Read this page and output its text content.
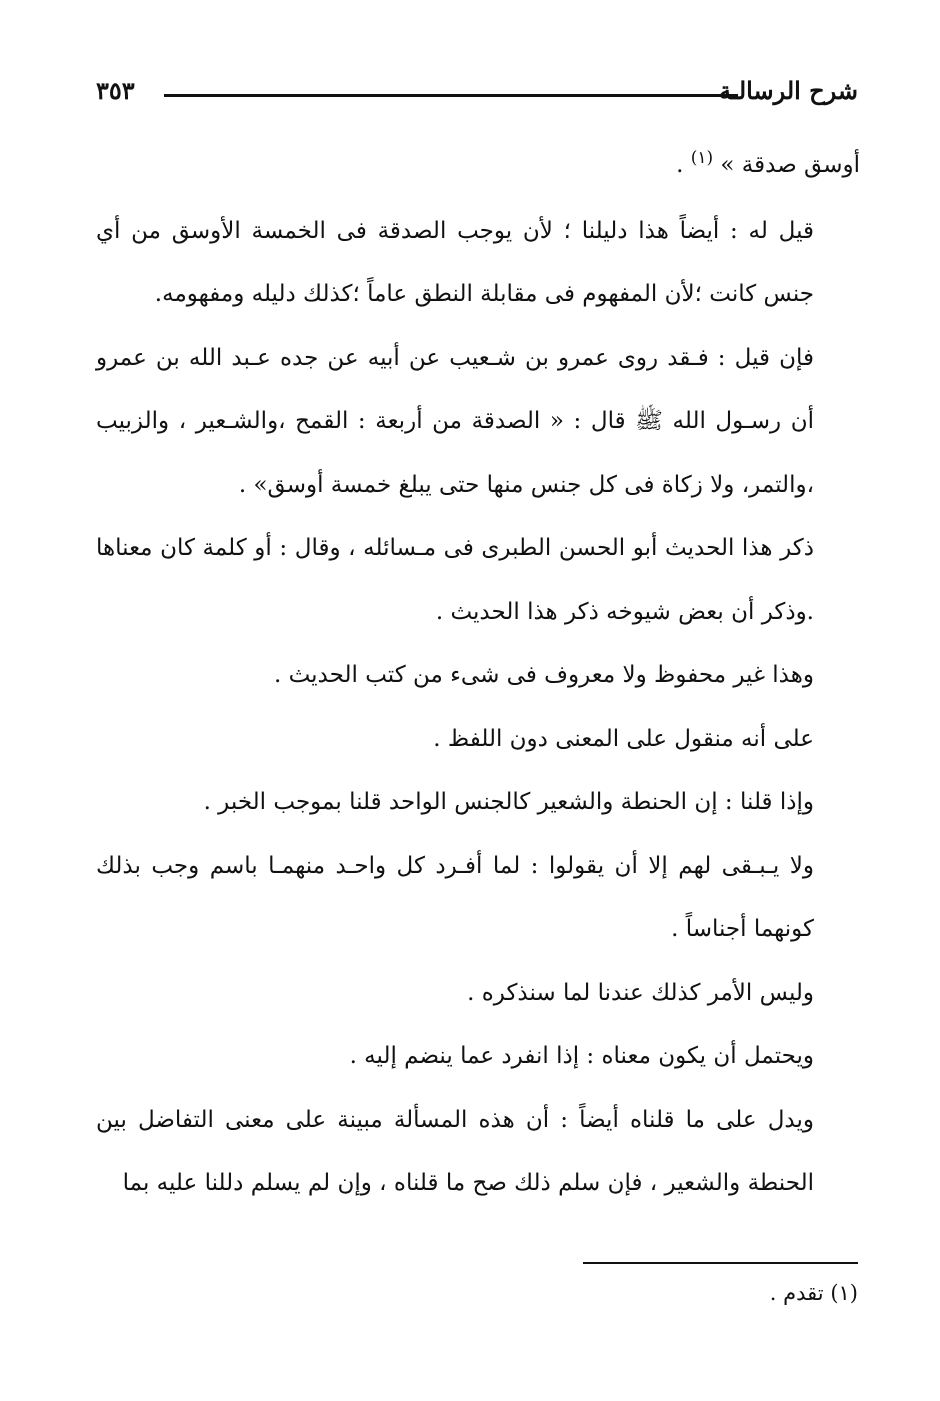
شرح الرسالـة
٣٥٣

أوسق صدقة » $^{(١)}$ .

قيل له : أيضاً هذا دليلنا ؛ لأن يوجب الصدقة فى الخمسة الأوسق من أي جنس كانت ؛لأن المفهوم فى مقابلة النطق عاماً ؛كذلك دليله ومفهومه.

فإن قيل : فـقد روى عمرو بن شـعيب عن أبيه عن جده عـبد الله بن عمرو أن رسـول الله ﷺ قال : « الصدقة من أربعة : القمح ،والشـعير ، والزبيب ،والتمر، ولا زكاة فى كل جنس منها حتى يبلغ خمسة أوسق» .

ذكر هذا الحديث أبو الحسن الطبرى فى مـسائله ، وقال : أو كلمة كان معناها .وذكر أن بعض شيوخه ذكر هذا الحديث .

وهذا غير محفوظ ولا معروف فى شىء من كتب الحديث .

على أنه منقول على المعنى دون اللفظ .

وإذا قلنا : إن الحنطة والشعير كالجنس الواحد قلنا بموجب الخبر .

ولا يـبـقى لهم إلا أن يقولوا : لما أفـرد كل واحـد منهمـا باسم وجب بذلك كونهما أجناساً .

وليس الأمر كذلك عندنا لما سنذكره .

ويحتمل أن يكون معناه : إذا انفرد عما ينضم إليه .

ويدل على ما قلناه أيضاً : أن هذه المسألة مبينة على معنى التفاضل بين الحنطة والشعير ، فإن سلم ذلك صح ما قلناه ، وإن لم يسلم دللنا عليه بما

(١) تقدم .
